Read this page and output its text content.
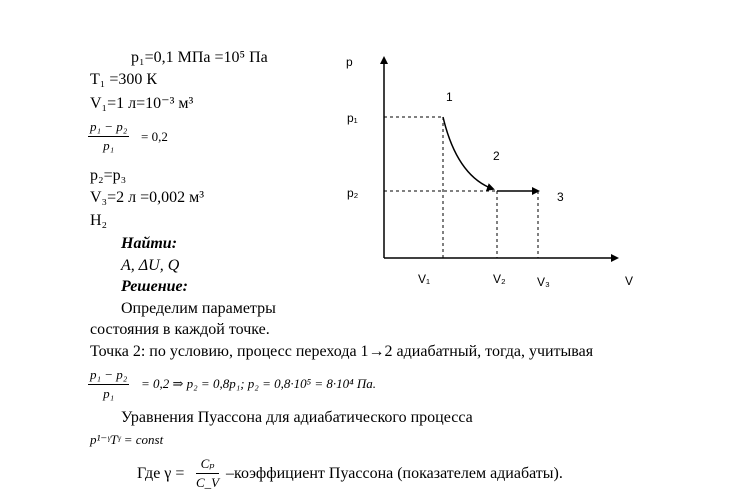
p₁=0,1 МПа =10⁵ Па
T₁ =300 К
V₁=1 л=10⁻³ м³
$\frac{\text{p₁ − p₂}}{\text{p₁}} = 0,2$
p₂=p₃
V₃=2 л =0,002 м³
H₂
Найти:
A, ΔU, Q
Решение:
Определим параметры
состояния в каждой точке.
Точка 2: по условию, процесс перехода 1→2 адиабатный, тогда, учитывая
$\frac{\text{p₁ − p₂}}{\text{p₁}} = 0,2$ ⇒ p₂ = 0,8p₁; p₂ = 0,8·10⁵ = 8·10⁴ Па.
Уравнения Пуассона для адиабатического процесса
p¹⁻ᵞTᵞ = const
Где $\gamma = \frac{\text{Cₚ}}{C\_V}$ –коэффициент Пуассона (показателем адиабаты).
p
V
p₁
p₂
V₁	V₂	V₃
1
2
3
